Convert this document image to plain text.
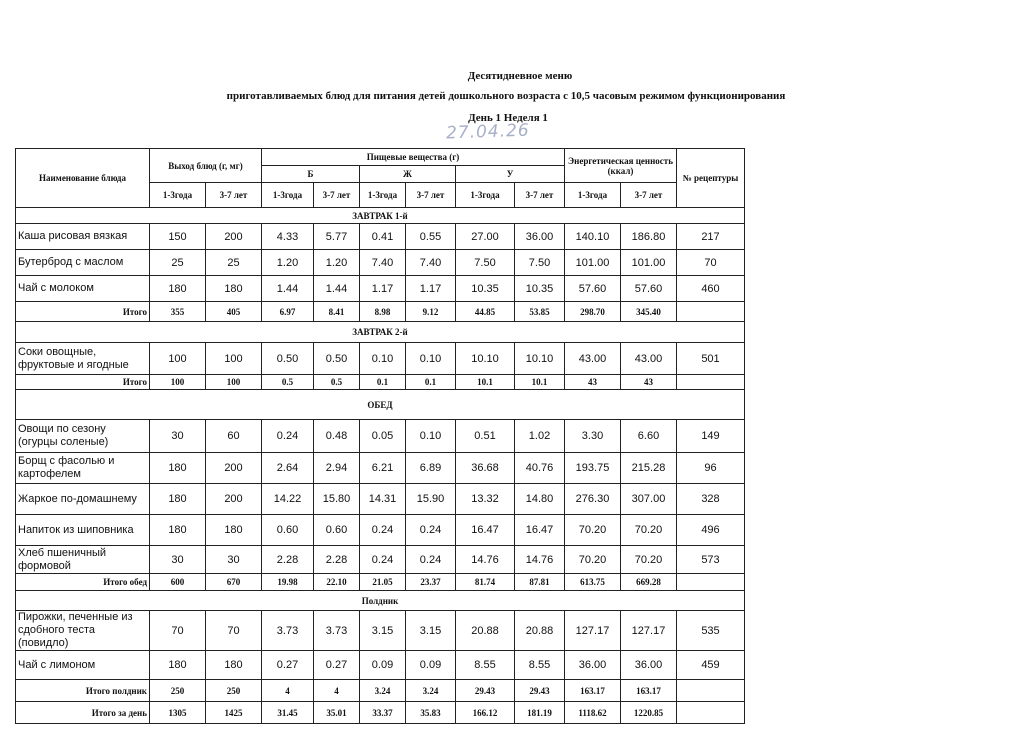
Десятидневное меню
приготавливаемых блюд для питания детей дошкольного возраста с 10,5 часовым режимом функционирования
День 1 Неделя 1
27.04.26
Наименование блюда	Выход блюд (г, мг)		Пищевые вещества (г)						Энергетическая ценность (ккал)		№ рецептуры
			Б		Ж		У				
	1-3года	3-7 лет	1-3года	3-7 лет	1-3года	3-7 лет	1-3года	3-7 лет	1-3года	3-7 лет	
ЗАВТРАК 1-й											
Каша рисовая вязкая	150	200	4.33	5.77	0.41	0.55	27.00	36.00	140.10	186.80	217
Бутерброд с маслом	25	25	1.20	1.20	7.40	7.40	7.50	7.50	101.00	101.00	70
Чай с молоком	180	180	1.44	1.44	1.17	1.17	10.35	10.35	57.60	57.60	460
Итого	355	405	6.97	8.41	8.98	9.12	44.85	53.85	298.70	345.40	
ЗАВТРАК 2-й											
Соки овощные, фруктовые и ягодные	100	100	0.50	0.50	0.10	0.10	10.10	10.10	43.00	43.00	501
Итого	100	100	0.5	0.5	0.1	0.1	10.1	10.1	43	43	
ОБЕД											
Овощи по сезону (огурцы соленые)	30	60	0.24	0.48	0.05	0.10	0.51	1.02	3.30	6.60	149
Борщ с фасолью и картофелем	180	200	2.64	2.94	6.21	6.89	36.68	40.76	193.75	215.28	96
Жаркое по-домашнему	180	200	14.22	15.80	14.31	15.90	13.32	14.80	276.30	307.00	328
Напиток из шиповника	180	180	0.60	0.60	0.24	0.24	16.47	16.47	70.20	70.20	496
Хлеб пшеничный формовой	30	30	2.28	2.28	0.24	0.24	14.76	14.76	70.20	70.20	573
Итого обед	600	670	19.98	22.10	21.05	23.37	81.74	87.81	613.75	669.28	
Полдник											
Пирожки, печенные из сдобного теста (повидло)	70	70	3.73	3.73	3.15	3.15	20.88	20.88	127.17	127.17	535
Чай с лимоном	180	180	0.27	0.27	0.09	0.09	8.55	8.55	36.00	36.00	459
Итого полдник	250	250	4	4	3.24	3.24	29.43	29.43	163.17	163.17	
Итого за день	1305	1425	31.45	35.01	33.37	35.83	166.12	181.19	1118.62	1220.85	
